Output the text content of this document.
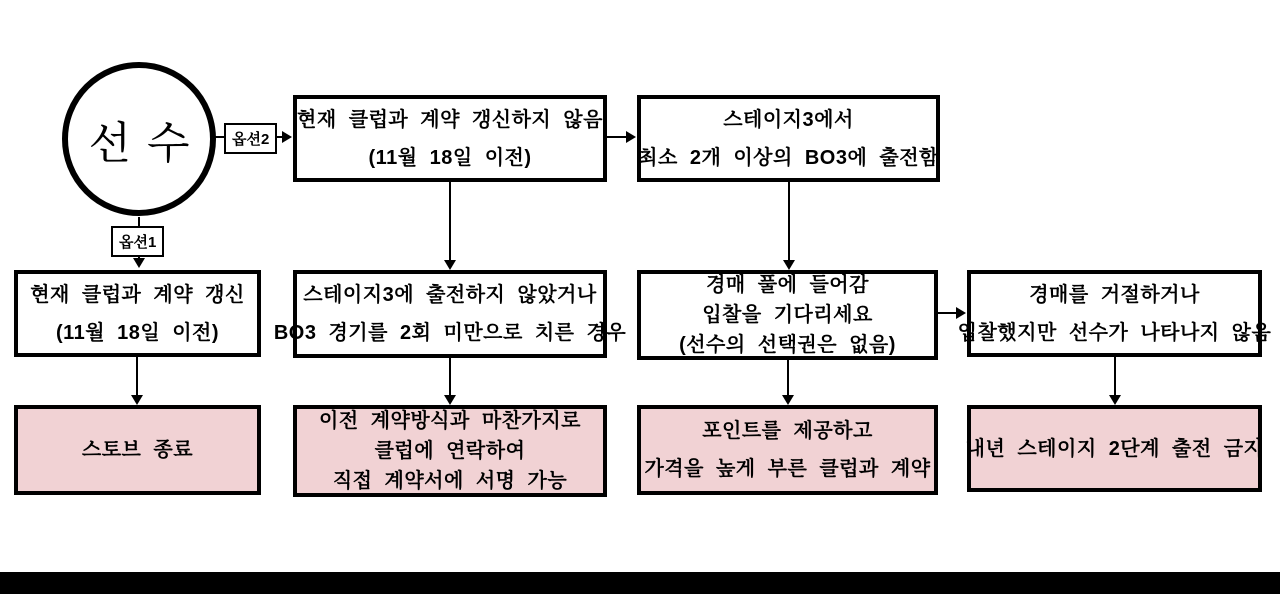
선수	옵션2
옵션1
현재 클럽과 계약 갱신하지 않음
(11월 18일 이전)
스테이지3에서
최소 2개 이상의 BO3에 출전함
현재 클럽과 계약 갱신
(11월 18일 이전)
스테이지3에 출전하지 않았거나
BO3 경기를 2회 미만으로 치른 경우
경매 풀에 들어감
입찰을 기다리세요
(선수의 선택권은 없음)
경매를 거절하거나
입찰했지만 선수가 나타나지 않음
스토브 종료
이전 계약방식과 마찬가지로
클럽에 연락하여
직접 계약서에 서명 가능
포인트를 제공하고
가격을 높게 부른 클럽과 계약
내년 스테이지 2단계 출전 금지
